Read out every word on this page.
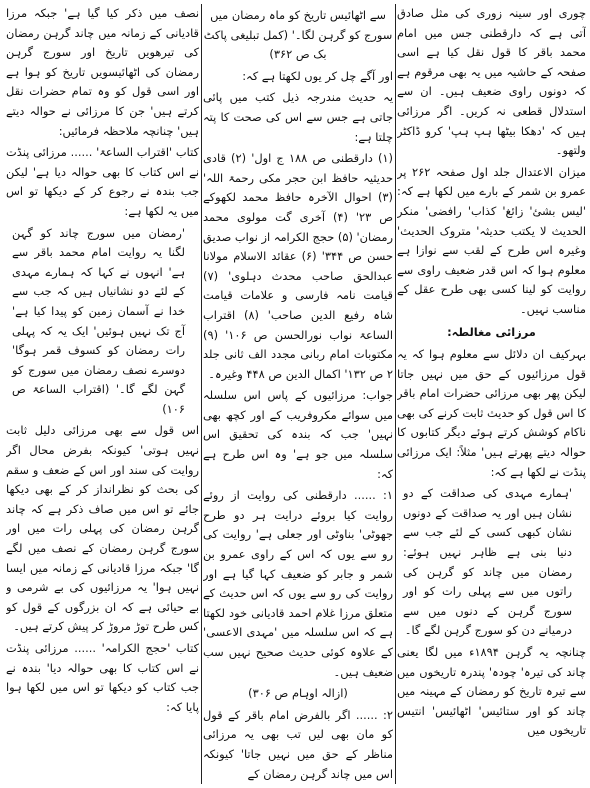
چوری اور سینہ زوری کی مثل صادق آتی ہے کہ دارقطنی جس میں امام محمد باقر کا قول نقل کیا ہے اسی صفحہ کے حاشیہ میں یہ بھی مرقوم ہے کہ دونوں راوی ضعیف ہیں۔ ان سے استدلال قطعی نہ کریں۔ اگر مرزائی ہیں کہ 'دھکا بیٹھا ہپ ہپ' کرو ڈاکٹر ولتھو۔
میزان الاعتدال جلد اول صفحہ ۲۶۲ پر عمرو بن شمر کے بارے میں لکھا ہے کہ: 'لیس بشئ' زائغ' کذاب' رافضی' منکر الحدیث لا یکتب حدیثہ' متروک الحدیث' وغیرہ اس طرح کے لقب سے نوازا ہے معلوم ہوا کہ اس قدر ضعیف راوی سے روایت کو لینا کسی بھی طرح عقل کے مناسب نہیں۔
مرزائی مغالطہ:
بہرکیف ان دلائل سے معلوم ہوا کہ یہ قول مرزائیوں کے حق میں نہیں جاتا لیکن پھر بھی مرزائی حضرات امام باقر کا اس قول کو حدیث ثابت کرنے کی بھی ناکام کوشش کرتے ہوئے دیگر کتابوں کا حوالہ دیتے پھرتے ہیں' مثلاً: ایک مرزائی پنڈت نے لکھا ہے کہ:
'ہمارے مہدی کی صداقت کے دو نشان ہیں اور یہ صداقت کے دونوں نشان کبھی کسی کے لئے جب سے دنیا بنی ہے ظاہر نہیں ہوئے: رمضان میں چاند کو گرہن کی راتوں میں سے پہلی رات کو اور سورج گرہن کے دنوں میں سے درمیانے دن کو سورج گرہن لگے گا۔
چنانچہ یہ گرہن ۱۸۹۴ء میں لگا یعنی چاند کی تیرہ' چودہ' پندرہ تاریخوں میں سے تیرہ تاریخ کو رمضان کے مہینہ میں چاند کو اور ستائیس' اٹھائیس' انتیس تاریخوں میں
سے اٹھائیس تاریخ کو ماہ رمضان میں سورج کو گرہن لگا۔' (کمل تبلیغی پاکٹ بک ص ۳۶۲)
اور آگے چل کر یوں لکھتا ہے کہ:
یہ حدیث مندرجہ ذیل کتب میں پائی جاتی ہے جس سے اس کی صحت کا پتہ چلتا ہے:
(۱) دارقطنی ص ۱۸۸ ج اول' (۲) قادی حدیثیہ حافظ ابن حجر مکی رحمۃ اللہ' (۳) احوال الآخرہ حافظ محمد لکھوکے ص ۲۳' (۴) آخری گت مولوی محمد رمضان' (۵) حجج الکرامہ از نواب صدیق حسن ص ۳۴۴' (۶) عقائد الاسلام مولانا عبدالحق صاحب محدث دہلوی' (۷) قیامت نامہ فارسی و علامات قیامت شاہ رفیع الدین صاحب' (۸) اقتراب الساعۃ نواب نورالحسن ص ۱۰۶' (۹) مکتوبات امام ربانی مجدد الف ثانی جلد ۲ ص ۱۳۲' اکمال الدین ص ۴۴۸ وغیرہ۔
جواب: مرزائیوں کے پاس اس سلسلہ میں سوائے مکروفریب کے اور کچھ بھی نہیں' جب کہ بندہ کی تحقیق اس سلسلہ میں جو ہے' وہ اس طرح ہے کہ:
۱: ...... دارقطنی کی روایت از روئے روایت کیا بروئے درایت ہر دو طرح جھوٹی' بناوٹی اور جعلی ہے' روایت کی رو سے یوں کہ اس کے راوی عمرو بن شمر و جابر کو ضعیف کہا گیا ہے اور روایت کی رو سے یوں کہ اس حدیث کے متعلق مرزا غلام احمد قادیانی خود لکھتا ہے کہ اس سلسلہ میں 'مہدی الاعسی' کے علاوہ کوئی حدیث صحیح نہیں سب ضعیف ہیں۔
(ازالہ اوہام ص ۳۰۶)
۲: ...... اگر بالفرض امام باقر کے قول کو مان بھی لیں تب بھی یہ مرزائی مناظر کے حق میں نہیں جاتا' کیونکہ اس میں چاند گرہن رمضان کے
نصف میں ذکر کیا گیا ہے' جبکہ مرزا قادیانی کے زمانہ میں چاند گرہن رمضان کی تیرھویں تاریخ اور سورج گرہن رمضان کی اٹھائیسویں تاریخ کو ہوا ہے اور اسی قول کو وہ تمام حضرات نقل کرتے ہیں' جن کا مرزائی نے حوالہ دیتے ہیں' چنانچہ ملاحظہ فرمائیں:
کتاب 'اقتراب الساعۃ' ...... مرزائی پنڈت نے اس کتاب کا بھی حوالہ دیا ہے' لیکن جب بندہ نے رجوع کر کے دیکھا تو اس میں یہ لکھا ہے:
'رمضان میں سورج چاند کو گہن لگنا یہ روایت امام محمد باقر سے ہے' انہوں نے کہا کہ ہمارے مہدی کے لئے دو نشانیاں ہیں کہ جب سے خدا نے آسمان زمین کو پیدا کیا ہے' آج تک نہیں ہوئیں' ایک یہ کہ پہلی رات رمضان کو کسوف قمر ہوگا' دوسرے نصف رمضان میں سورج کو گہن لگے گا۔' (اقتراب الساعۃ ص ۱۰۶)
اس قول سے بھی مرزائی دلیل ثابت نہیں ہوتی' کیونکہ بفرض محال اگر روایت کی سند اور اس کے ضعف و سقم کی بحث کو نظرانداز کر کے بھی دیکھا جائے تو اس میں صاف ذکر ہے کہ چاند گرہن رمضان کی پہلی رات میں اور سورج گرہن رمضان کے نصف میں لگے گا' جبکہ مرزا قادیانی کے زمانہ میں ایسا نہیں ہوا' یہ مرزائیوں کی بے شرمی و بے حیائی ہے کہ ان بزرگوں کے قول کو کس طرح توڑ مروڑ کر پیش کرتے ہیں۔
کتاب 'حجج الکرامہ' ...... مرزائی پنڈت نے اس کتاب کا بھی حوالہ دیا' بندہ نے جب کتاب کو دیکھا تو اس میں لکھا ہوا پایا کہ:
